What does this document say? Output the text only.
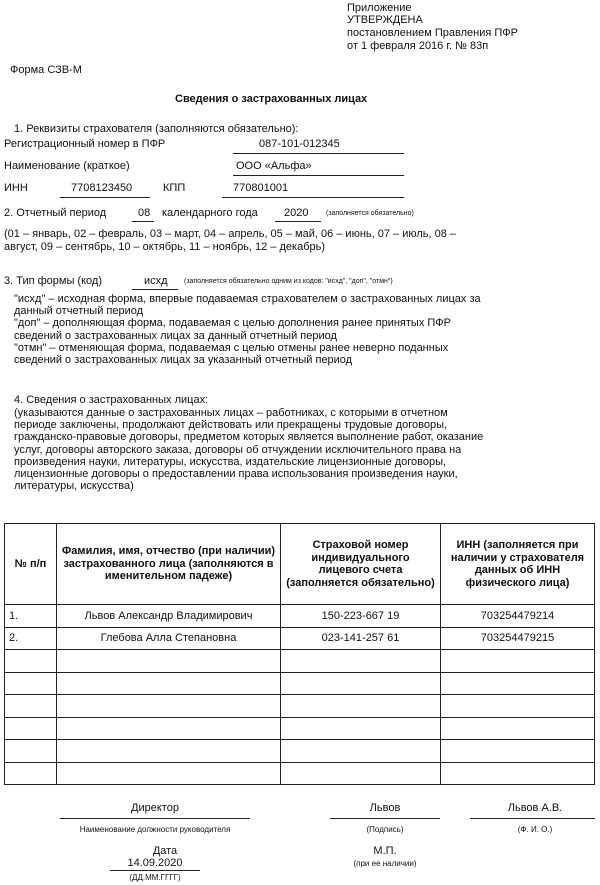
Приложение
УТВЕРЖДЕНА
постановлением Правления ПФР
от 1 февраля 2016 г. № 83п
Форма СЗВ-М
Сведения о застрахованных лицах
1. Реквизиты страхователя (заполняются обязательно):
Регистрационный номер в ПФР	087-101-012345
Наименование (краткое)	ООО «Альфа»
ИНН	7708123450	КПП	770801001
2. Отчетный период	08 календарного года 2020	(заполняется обязательно)
(01 – январь, 02 – февраль, 03 – март, 04 – апрель, 05 – май, 06 – июнь, 07 – июль, 08 –
август, 09 – сентябрь, 10 – октябрь, 11 – ноябрь, 12 – декабрь)
3. Тип формы (код)	исхд (заполняется обязательно одним из кодов: "исхд", "доп", "отмн")
"исхд" – исходная форма, впервые подаваемая страхователем о застрахованных лицах за
данный отчетный период
"доп" – дополняющая форма, подаваемая с целью дополнения ранее принятых ПФР
сведений о застрахованных лицах за данный отчетный период
"отмн" – отменяющая форма, подаваемая с целью отмены ранее неверно поданных
сведений о застрахованных лицах за указанный отчетный период
4. Сведения о застрахованных лицах:
(указываются данные о застрахованных лицах – работниках, с которыми в отчетном
периоде заключены, продолжают действовать или прекращены трудовые договоры,
гражданско-правовые договоры, предметом которых является выполнение работ, оказание
услуг, договоры авторского заказа, договоры об отчуждении исключительного права на
произведения науки, литературы, искусства, издательские лицензионные договоры,
лицензионные договоры о предоставлении права использования произведения науки,
литературы, искусства)
№ п/п	Фамилия, имя, отчество (при наличии) застрахованного лица (заполняются в именительном падеже)	Страховой номер индивидуального лицевого счета (заполняется обязательно)	ИНН (заполняется при наличии у страхователя данных об ИНН физического лица)
1.	Львов Александр Владимирович	150-223-667 19	703254479214
2.	Глебова Алла Степановна	023-141-257 61	703254479215

Директор
Наименование должности руководителя
Львов
(Подпись)
Львов А.В.
(Ф. И. О.)
Дата
14.09.2020
(ДД.ММ.ГГГГ)
М.П.
(при ее наличии)
